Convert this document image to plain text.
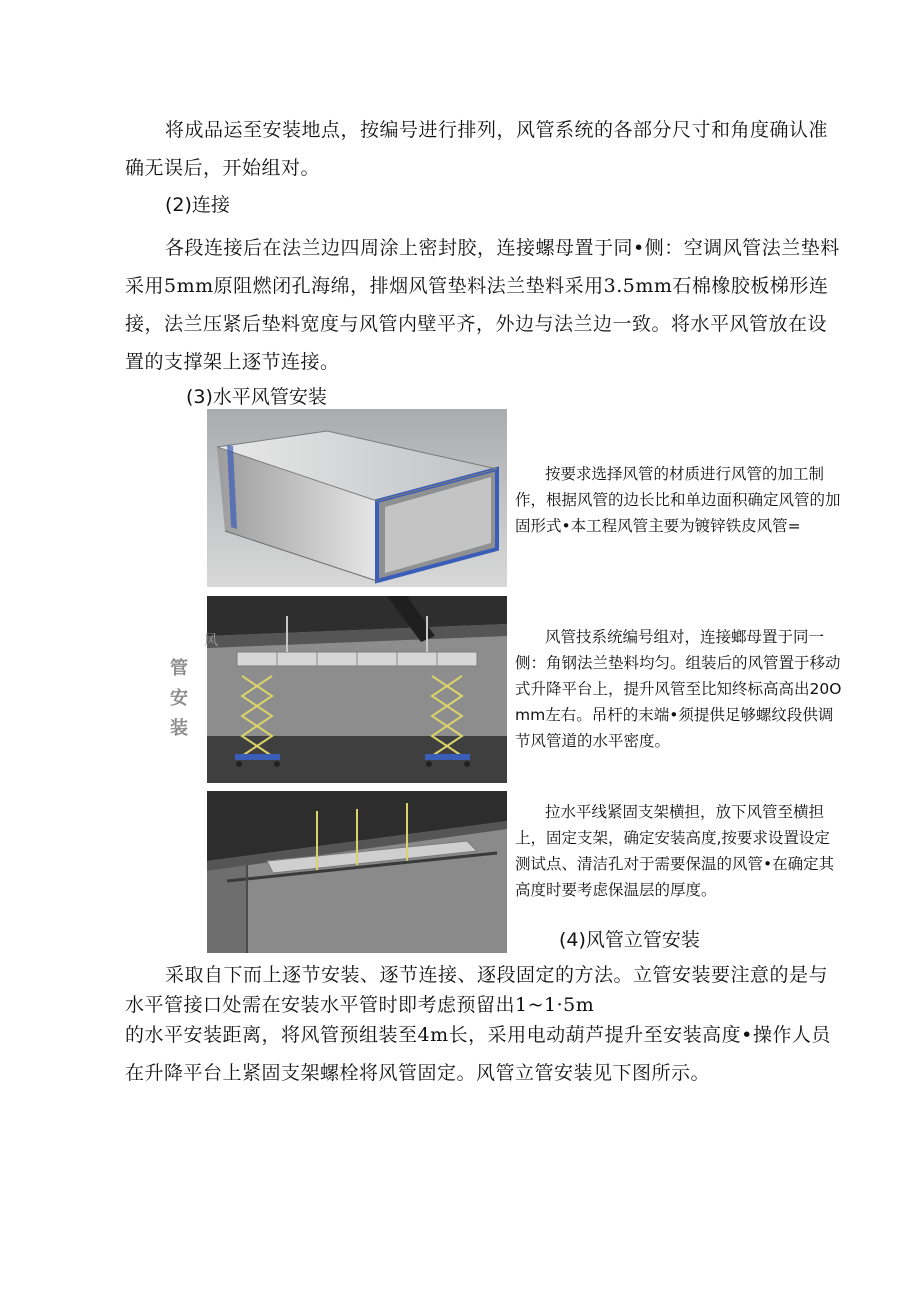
将成品运至安装地点，按编号进行排列，风管系统的各部分尺寸和角度确认准确无误后，开始组对。

(2)连接

各段连接后在法兰边四周涂上密封胶，连接螺母置于同•侧：空调风管法兰垫料采用5mm原阻燃闭孔海绵，排烟风管垫料法兰垫料采用3.5mm石棉橡胶板梯形连接，法兰压紧后垫料宽度与风管内壁平齐，外边与法兰边一致。将水平风管放在设置的支撑架上逐节连接。

(3)水平风管安装

按要求选择风管的材质进行风管的加工制作，根据风管的边长比和单边面积确定风管的加固形式•本工程风管主要为镀锌铁皮风管=

管安装
风	风管技系统编号组对，连接螂母置于同一侧：角钢法兰垫料均匀。组装后的风管置于移动式升降平台上，提升风管至比知终标高高出20Omm左右。吊杆的末端•须提供足够螺纹段供调节风管道的水平密度。

拉水平线紧固支架横担，放下风管至横担上，固定支架，确定安装高度,按要求设置设定测试点、清洁孔对于需要保温的风管•在确定其高度时要考虑保温层的厚度。

(4)风管立管安装

采取自下而上逐节安装、逐节连接、逐段固定的方法。立管安装要注意的是与水平管接口处需在安装水平管时即考虑预留出1~1·5m

的水平安装距离，将风管预组装至4m长，采用电动葫芦提升至安装高度•操作人员在升降平台上紧固支架螺栓将风管固定。风管立管安装见下图所示。
